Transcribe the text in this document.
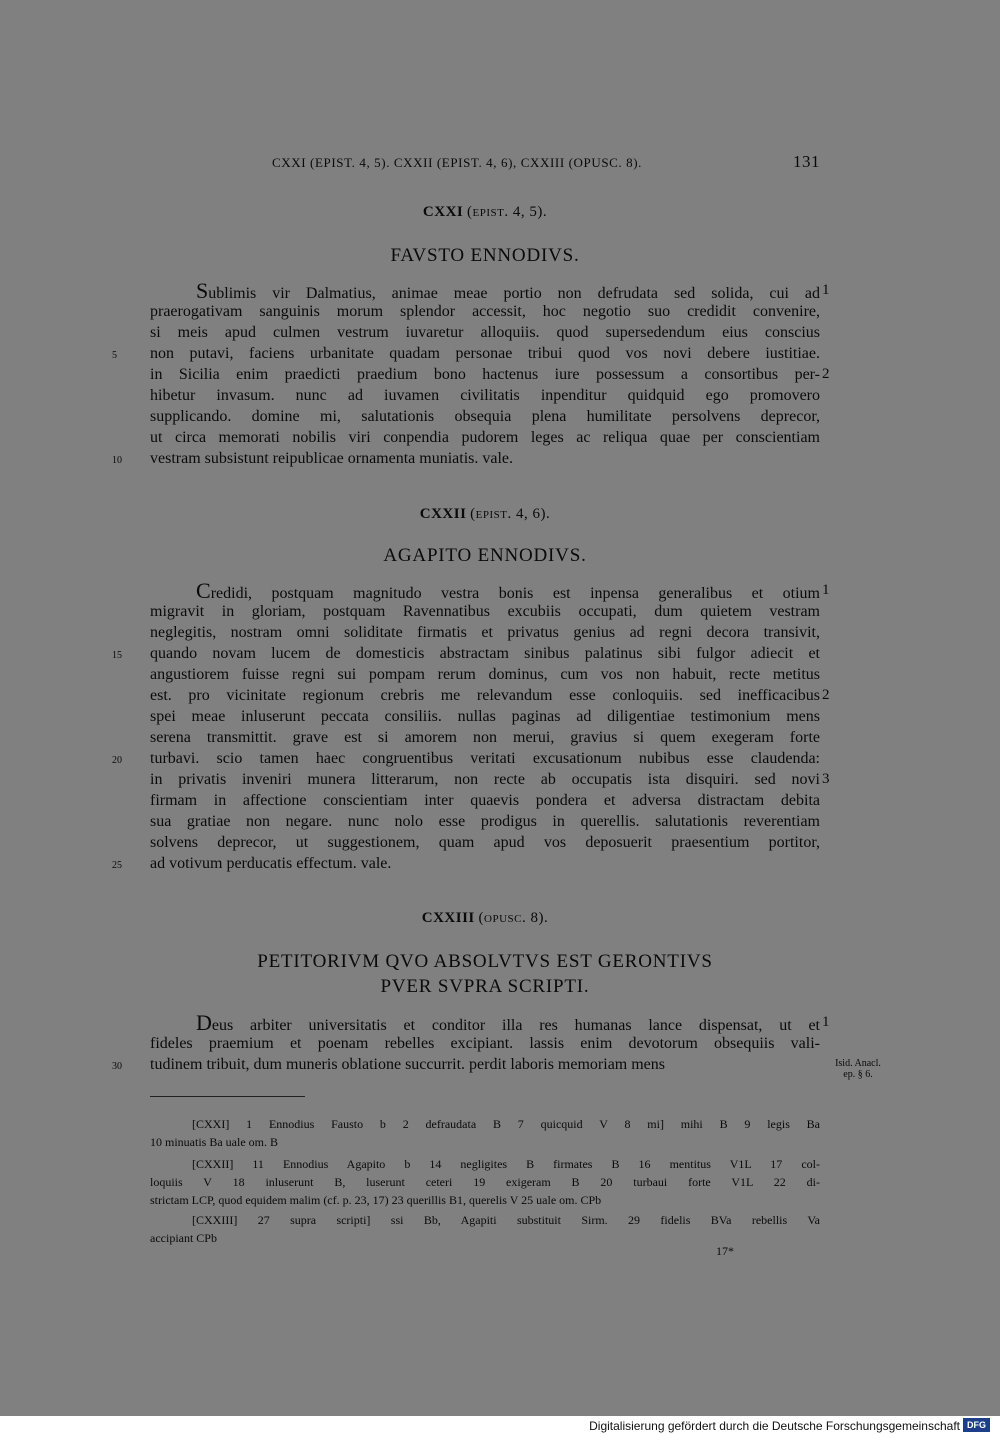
CXXI (EPIST. 4, 5). CXXII (EPIST. 4, 6), CXXIII (OPUSC. 8).	131
CXXI (EPIST. 4, 5).
FAVSTO ENNODIVS.
Sublimis vir Dalmatius, animae meae portio non defrudata sed solida, cui ad
praerogativam sanguinis morum splendor accessit, hoc negotio suo credidit convenire,
si meis apud culmen vestrum iuvaretur alloquiis. quod supersedendum eius conscius
non putavi, faciens urbanitate quadam personae tribui quod vos novi debere iustitiae.
in Sicilia enim praedicti praedium bono hactenus iure possessum a consortibus per-
hibetur invasum. nunc ad iuvamen civilitatis inpenditur quidquid ego promovero
supplicando. domine mi, salutationis obsequia plena humilitate persolvens deprecor,
ut circa memorati nobilis viri conpendia pudorem leges ac reliqua quae per conscientiam
vestram subsistunt reipublicae ornamenta muniatis. vale.
5
10
1
2
CXXII (EPIST. 4, 6).
AGAPITO ENNODIVS.
Credidi, postquam magnitudo vestra bonis est inpensa generalibus et otium
migravit in gloriam, postquam Ravennatibus excubiis occupati, dum quietem vestram
neglegitis, nostram omni soliditate firmatis et privatus genius ad regni decora transivit,
quando novam lucem de domesticis abstractam sinibus palatinus sibi fulgor adiecit et
angustiorem fuisse regni sui pompam rerum dominus, cum vos non habuit, recte metitus
est. pro vicinitate regionum crebris me relevandum esse conloquiis. sed inefficacibus
spei meae inluserunt peccata consiliis. nullas paginas ad diligentiae testimonium mens
serena transmittit. grave est si amorem non merui, gravius si quem exegeram forte
turbavi. scio tamen haec congruentibus veritati excusationum nubibus esse claudenda:
in privatis inveniri munera litterarum, non recte ab occupatis ista disquiri. sed novi
firmam in affectione conscientiam inter quaevis pondera et adversa distractam debita
sua gratiae non negare. nunc nolo esse prodigus in querellis. salutationis reverentiam
solvens deprecor, ut suggestionem, quam apud vos deposuerit praesentium portitor,
ad votivum perducatis effectum. vale.
15
20
25
1
2
3
CXXIII (OPUSC. 8).
PETITORIVM QVO ABSOLVTVS EST GERONTIVS
PVER SVPRA SCRIPTI.
Deus arbiter universitatis et conditor illa res humanas lance dispensat, ut et
fideles praemium et poenam rebelles excipiant. lassis enim devotorum obsequiis vali-
tudinem tribuit, dum muneris oblatione succurrit. perdit laboris memoriam mens
30
1
Isid. Anacl.
ep. § 6.
[CXXI] 1 Ennodius Fausto b 2 defraudata B 7 quicquid V 8 mi] mihi B 9 legis Ba
10 minuatis Ba uale om. B
[CXXII] 11 Ennodius Agapito b 14 negligites B firmates B 16 mentitus V1L 17 col-
loquiis V 18 inluserunt B, luserunt ceteri 19 exigeram B 20 turbaui forte V1L 22 di-
strictam LCP, quod equidem malim (cf. p. 23, 17) 23 querillis B1, querelis V 25 uale om. CPb
[CXXIII] 27 supra scripti] ssi Bb, Agapiti substituit Sirm. 29 fidelis BVa rebellis Va
accipiant CPb
17*
Digitalisierung gefördert durch die Deutsche Forschungsgemeinschaft DFG
